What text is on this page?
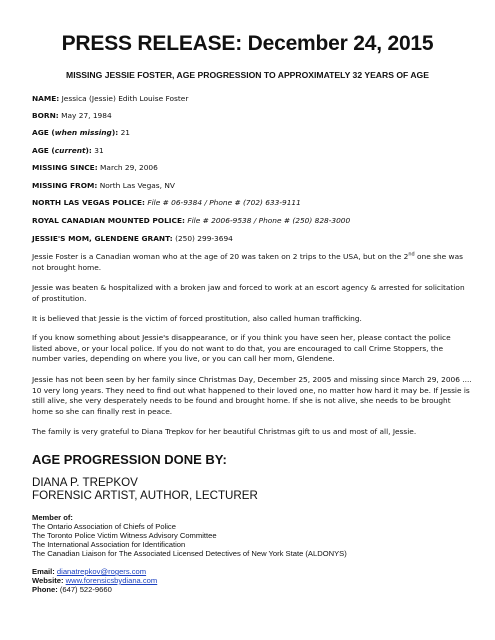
PRESS RELEASE: December 24, 2015
MISSING JESSIE FOSTER, AGE PROGRESSION TO APPROXIMATELY 32 YEARS OF AGE
NAME: Jessica (Jessie) Edith Louise Foster
BORN: May 27, 1984
AGE (when missing): 21
AGE (current): 31
MISSING SINCE: March 29, 2006
MISSING FROM: North Las Vegas, NV
NORTH LAS VEGAS POLICE: File # 06-9384 / Phone # (702) 633-9111
ROYAL CANADIAN MOUNTED POLICE: File # 2006-9538 / Phone # (250) 828-3000
JESSIE'S MOM, GLENDENE GRANT: (250) 299-3694
Jessie Foster is a Canadian woman who at the age of 20 was taken on 2 trips to the USA, but on the 2nd one she was not brought home.
Jessie was beaten & hospitalized with a broken jaw and forced to work at an escort agency & arrested for solicitation of prostitution.
It is believed that Jessie is the victim of forced prostitution, also called human trafficking.
If you know something about Jessie's disappearance, or if you think you have seen her, please contact the police listed above, or your local police. If you do not want to do that, you are encouraged to call Crime Stoppers, the number varies, depending on where you live, or you can call her mom, Glendene.
Jessie has not been seen by her family since Christmas Day, December 25, 2005 and missing since March 29, 2006 .... 10 very long years. They need to find out what happened to their loved one, no matter how hard it may be. If Jessie is still alive, she very desperately needs to be found and brought home. If she is not alive, she needs to be brought home so she can finally rest in peace.
The family is very grateful to Diana Trepkov for her beautiful Christmas gift to us and most of all, Jessie.
AGE PROGRESSION DONE BY:
DIANA P. TREPKOV
FORENSIC ARTIST, AUTHOR, LECTURER
Member of:
The Ontario Association of Chiefs of Police
The Toronto Police Victim Witness Advisory Committee
The International Association for Identification
The Canadian Liaison for The Associated Licensed Detectives of New York State (ALDONYS)
Email: dianatrepkov@rogers.com
Website: www.forensicsbydiana.com
Phone: (647) 522-9660
